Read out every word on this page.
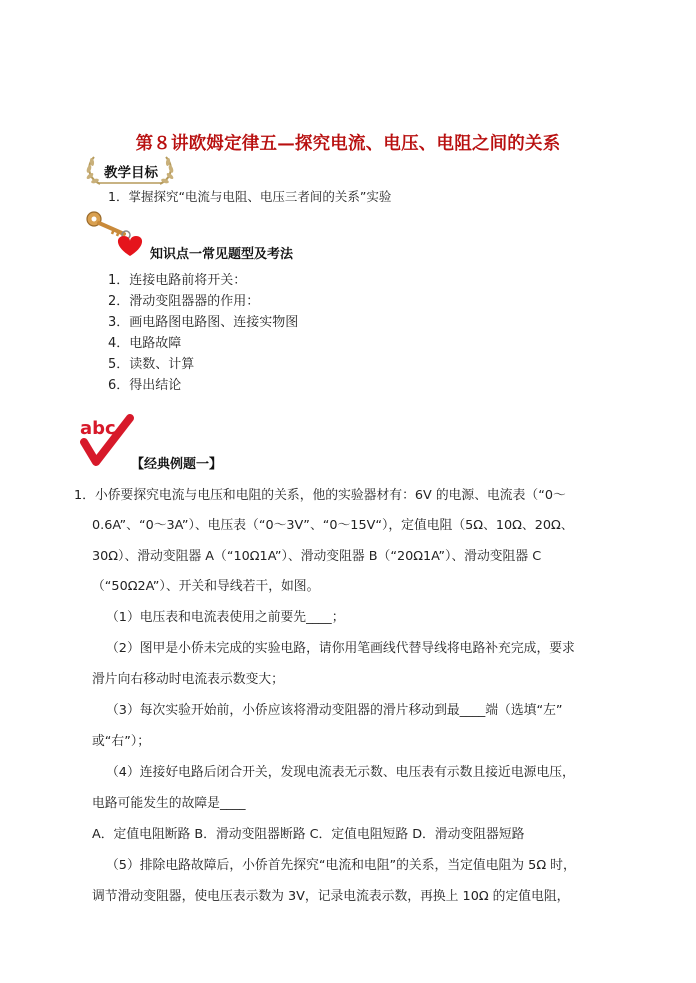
第８讲欧姆定律五—探究电流、电压、电阻之间的关系
教学目标
1．掌握探究“电流与电阻、电压三者间的关系”实验
知识点一常见题型及考法
1．连接电路前将开关：
2．滑动变阻器器的作用：
3．画电路图电路图、连接实物图
4．电路故障
5．读数、计算
6．得出结论
abc
【经典例题一】
1．小侨要探究电流与电压和电阻的关系，他的实验器材有：6V 的电源、电流表（“0～
0.6A”、“0～3A”）、电压表（“0～3V”、“0～15V“），定值电阻（5Ω、10Ω、20Ω、
30Ω）、滑动变阻器 A（“10Ω1A”）、滑动变阻器 B（“20Ω1A”）、滑动变阻器 C
（“50Ω2A”）、开关和导线若干，如图。
（1）电压表和电流表使用之前要先____；
（2）图甲是小侨未完成的实验电路，请你用笔画线代替导线将电路补充完成，要求
滑片向右移动时电流表示数变大；
（3）每次实验开始前，小侨应该将滑动变阻器的滑片移动到最____端（选填“左”
或“右”）；
（4）连接好电路后闭合开关，发现电流表无示数、电压表有示数且接近电源电压，
电路可能发生的故障是____
A．定值电阻断路 B．滑动变阻器断路 C．定值电阻短路 D．滑动变阻器短路
（5）排除电路故障后，小侨首先探究“电流和电阻”的关系，当定值电阻为 5Ω 时，
调节滑动变阻器，使电压表示数为 3V，记录电流表示数，再换上 10Ω 的定值电阻，
